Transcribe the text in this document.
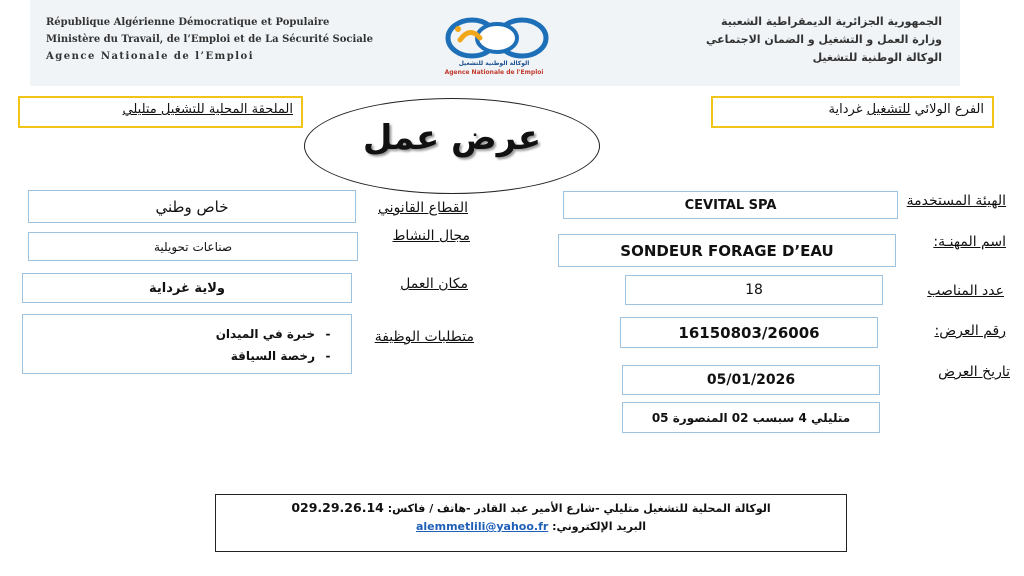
République Algérienne Démocratique et Populaire
Ministère du Travail, de l’Emploi et de La Sécurité Sociale
Agence Nationale de l’Emploi
الوكالة الوطنية للتشغيل
Agence Nationale de l'Emploi
الجمهورية الجزائرية الديمقراطية الشعبية
وزارة العمل و التشغيل و الضمان الاجتماعي
الوكالة الوطنية للتشغيل
الملحقة المحلية للتشغيل متليلي	الفرع الولائي للتشغيل غرداية
عرض عمل
الهيئة المستخدمة
اسم المهنـة:
عدد المناصب
رقم العرض:
تاريخ العرض
CEVITAL SPA
SONDEUR FORAGE D’EAU
18
16150803/26006
05/01/2026
متليلي 4 سبسب 02 المنصورة 05
القطاع القانوني
مجال النشاط
مكان العمل
متطلبات الوظيفة
خاص وطني
صناعات تحويلية
ولاية غرداية
-
خبرة في الميدان
-
رخصة السياقة
الوكالة المحلية للتشغيل متليلي -شارع الأمير عبد القادر -هاتف / فاكس: 029.29.26.14
البريد الإلكتروني: alemmetlili@yahoo.fr
